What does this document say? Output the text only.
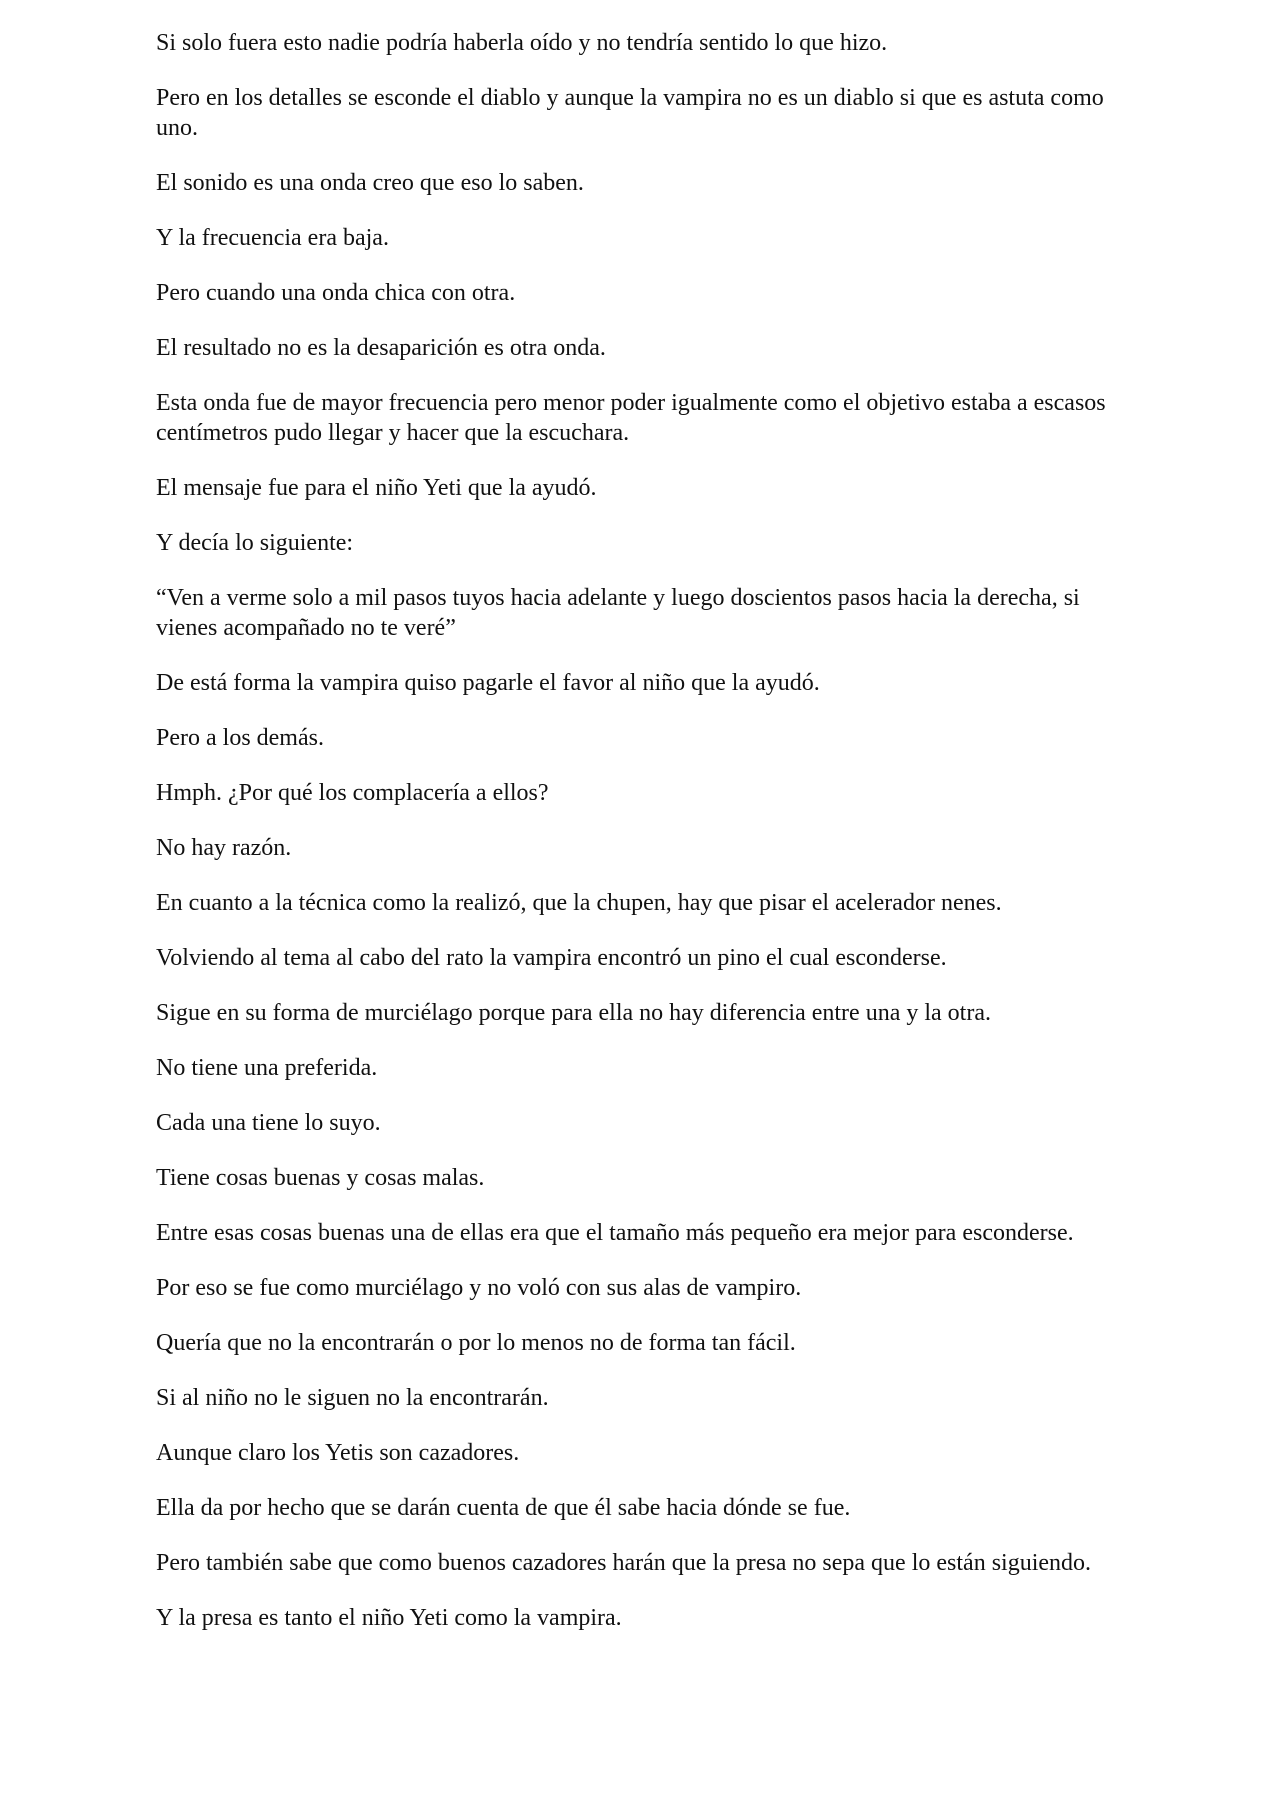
Si solo fuera esto nadie podría haberla oído y no tendría sentido lo que hizo.

Pero en los detalles se esconde el diablo y aunque la vampira no es un diablo si que es astuta como uno.

El sonido es una onda creo que eso lo saben.

Y la frecuencia era baja.

Pero cuando una onda chica con otra.

El resultado no es la desaparición es otra onda.

Esta onda fue de mayor frecuencia pero menor poder igualmente como el objetivo estaba a escasos centímetros pudo llegar y hacer que la escuchara.

El mensaje fue para el niño Yeti que la ayudó.

Y decía lo siguiente:

“Ven a verme solo a mil pasos tuyos hacia adelante y luego doscientos pasos hacia la derecha, si vienes acompañado no te veré”

De está forma la vampira quiso pagarle el favor al niño que la ayudó.

Pero a los demás.

Hmph. ¿Por qué los complacería a ellos?

No hay razón.

En cuanto a la técnica como la realizó, que la chupen, hay que pisar el acelerador nenes.

Volviendo al tema al cabo del rato la vampira encontró un pino el cual esconderse.

Sigue en su forma de murciélago porque para ella no hay diferencia entre una y la otra.

No tiene una preferida.

Cada una tiene lo suyo.

Tiene cosas buenas y cosas malas.

Entre esas cosas buenas una de ellas era que el tamaño más pequeño era mejor para esconderse.

Por eso se fue como murciélago y no voló con sus alas de vampiro.

Quería que no la encontrarán o por lo menos no de forma tan fácil.

Si al niño no le siguen no la encontrarán.

Aunque claro los Yetis son cazadores.

Ella da por hecho que se darán cuenta de que él sabe hacia dónde se fue.

Pero también sabe que como buenos cazadores harán que la presa no sepa que lo están siguiendo.

Y la presa es tanto el niño Yeti como la vampira.
